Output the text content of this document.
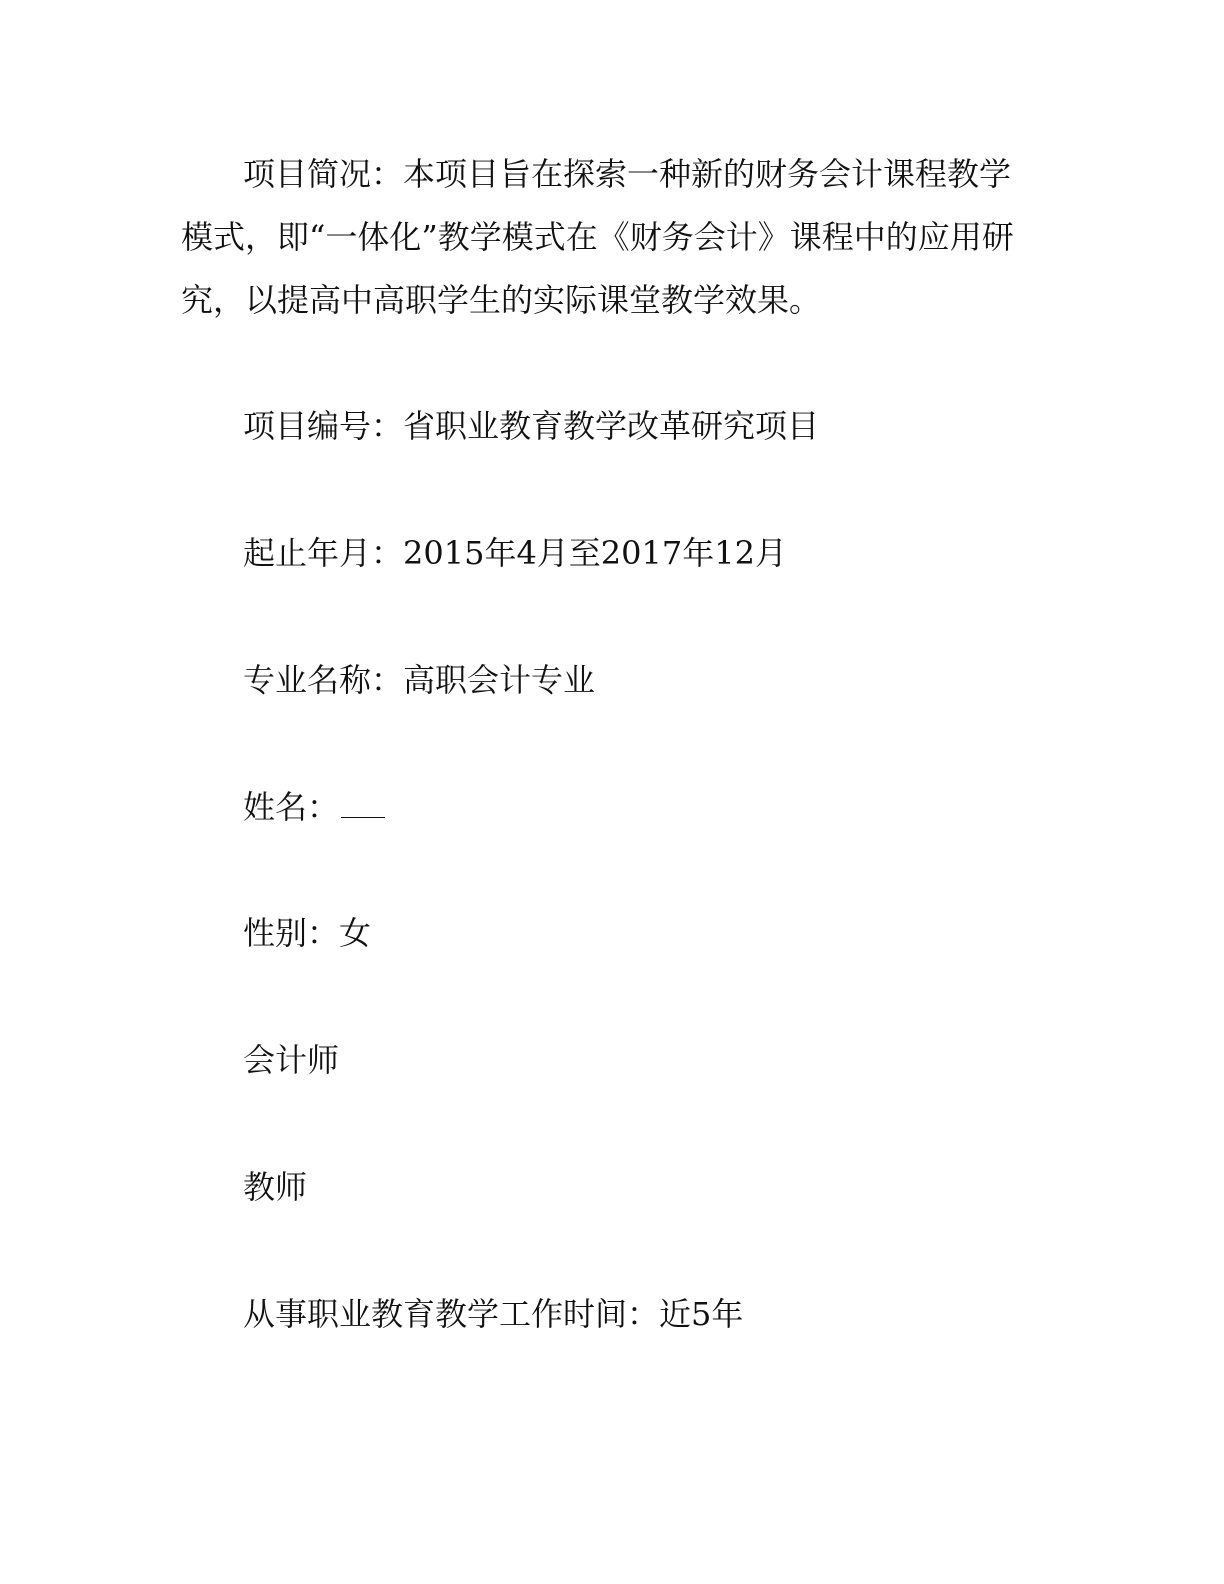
项目简况：本项目旨在探索一种新的财务会计课程教学模式，即“一体化”教学模式在《财务会计》课程中的应用研究，以提高中高职学生的实际课堂教学效果。

项目编号：省职业教育教学改革研究项目

起止年月：2015年4月至2017年12月

专业名称：高职会计专业

姓名：

性别：女

会计师

教师

从事职业教育教学工作时间：近5年
